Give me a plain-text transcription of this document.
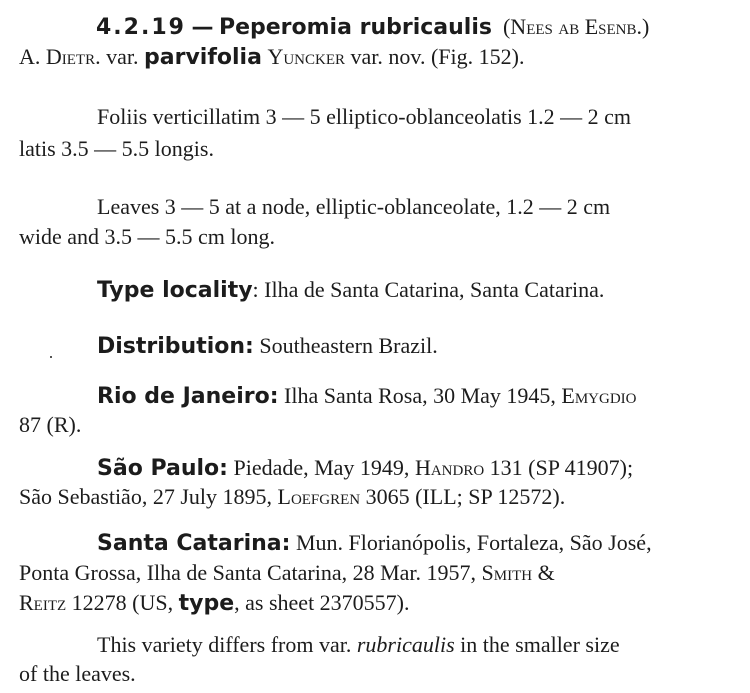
4.2.19 — Peperomia rubricaulis (Nees ab Esenb.)
A. Dietr. var. parvifolia Yuncker var. nov. (Fig. 152).
Foliis verticillatim 3 — 5 elliptico-oblanceolatis 1.2 — 2 cm
latis 3.5 — 5.5 longis.
Leaves 3 — 5 at a node, elliptic-oblanceolate, 1.2 — 2 cm
wide and 3.5 — 5.5 cm long.
Type locality: Ilha de Santa Catarina, Santa Catarina.
Distribution: Southeastern Brazil.
Rio de Janeiro: Ilha Santa Rosa, 30 May 1945, Emygdio
87 (R).
São Paulo: Piedade, May 1949, Handro 131 (SP 41907);
São Sebastião, 27 July 1895, Loefgren 3065 (ILL; SP 12572).
Santa Catarina: Mun. Florianópolis, Fortaleza, São José,
Ponta Grossa, Ilha de Santa Catarina, 28 Mar. 1957, Smith &
Reitz 12278 (US, type, as sheet 2370557).
This variety differs from var. rubricaulis in the smaller size
of the leaves.
